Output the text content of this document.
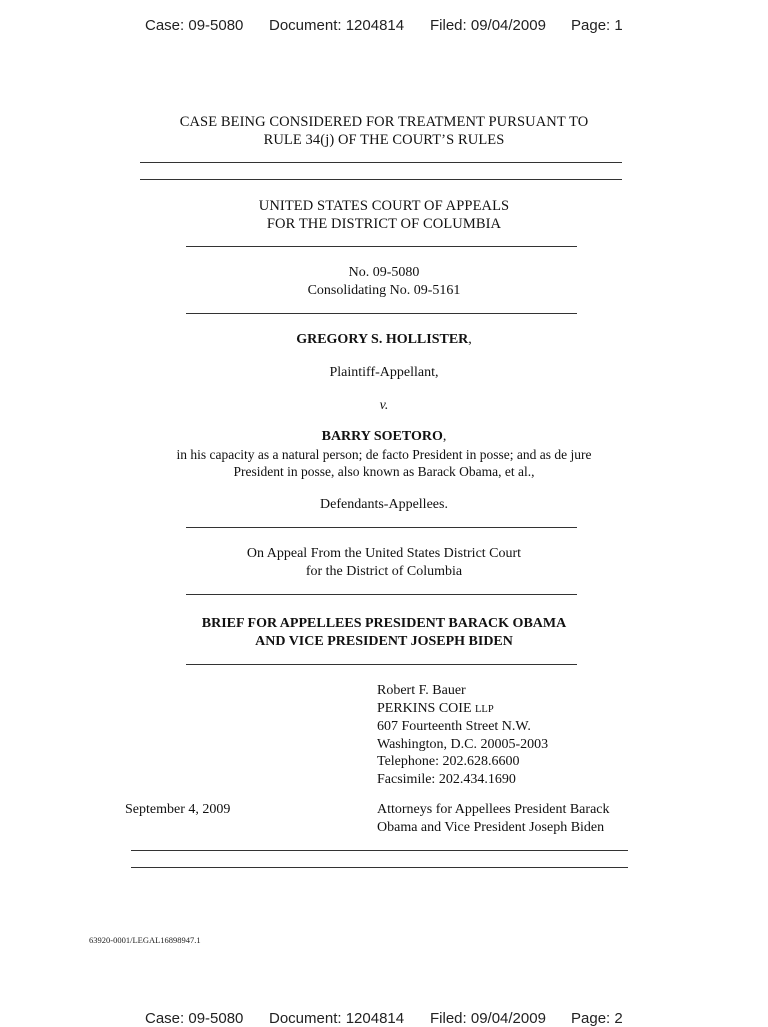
Case: 09-5080 Document: 1204814 Filed: 09/04/2009 Page: 1
CASE BEING CONSIDERED FOR TREATMENT PURSUANT TO
RULE 34(j) OF THE COURT’S RULES
UNITED STATES COURT OF APPEALS
FOR THE DISTRICT OF COLUMBIA
No. 09-5080
Consolidating No. 09-5161
GREGORY S. HOLLISTER,
Plaintiff-Appellant,
v.
BARRY SOETORO,
in his capacity as a natural person; de facto President in posse; and as de jure
President in posse, also known as Barack Obama, et al.,
Defendants-Appellees.
On Appeal From the United States District Court
for the District of Columbia
BRIEF FOR APPELLEES PRESIDENT BARACK OBAMA
AND VICE PRESIDENT JOSEPH BIDEN
Robert F. Bauer
PERKINS COIE LLP
607 Fourteenth Street N.W.
Washington, D.C. 20005-2003
Telephone: 202.628.6600
Facsimile: 202.434.1690
September 4, 2009	Attorneys for Appellees President Barack
Obama and Vice President Joseph Biden
63920-0001/LEGAL16898947.1
Case: 09-5080 Document: 1204814 Filed: 09/04/2009 Page: 2
